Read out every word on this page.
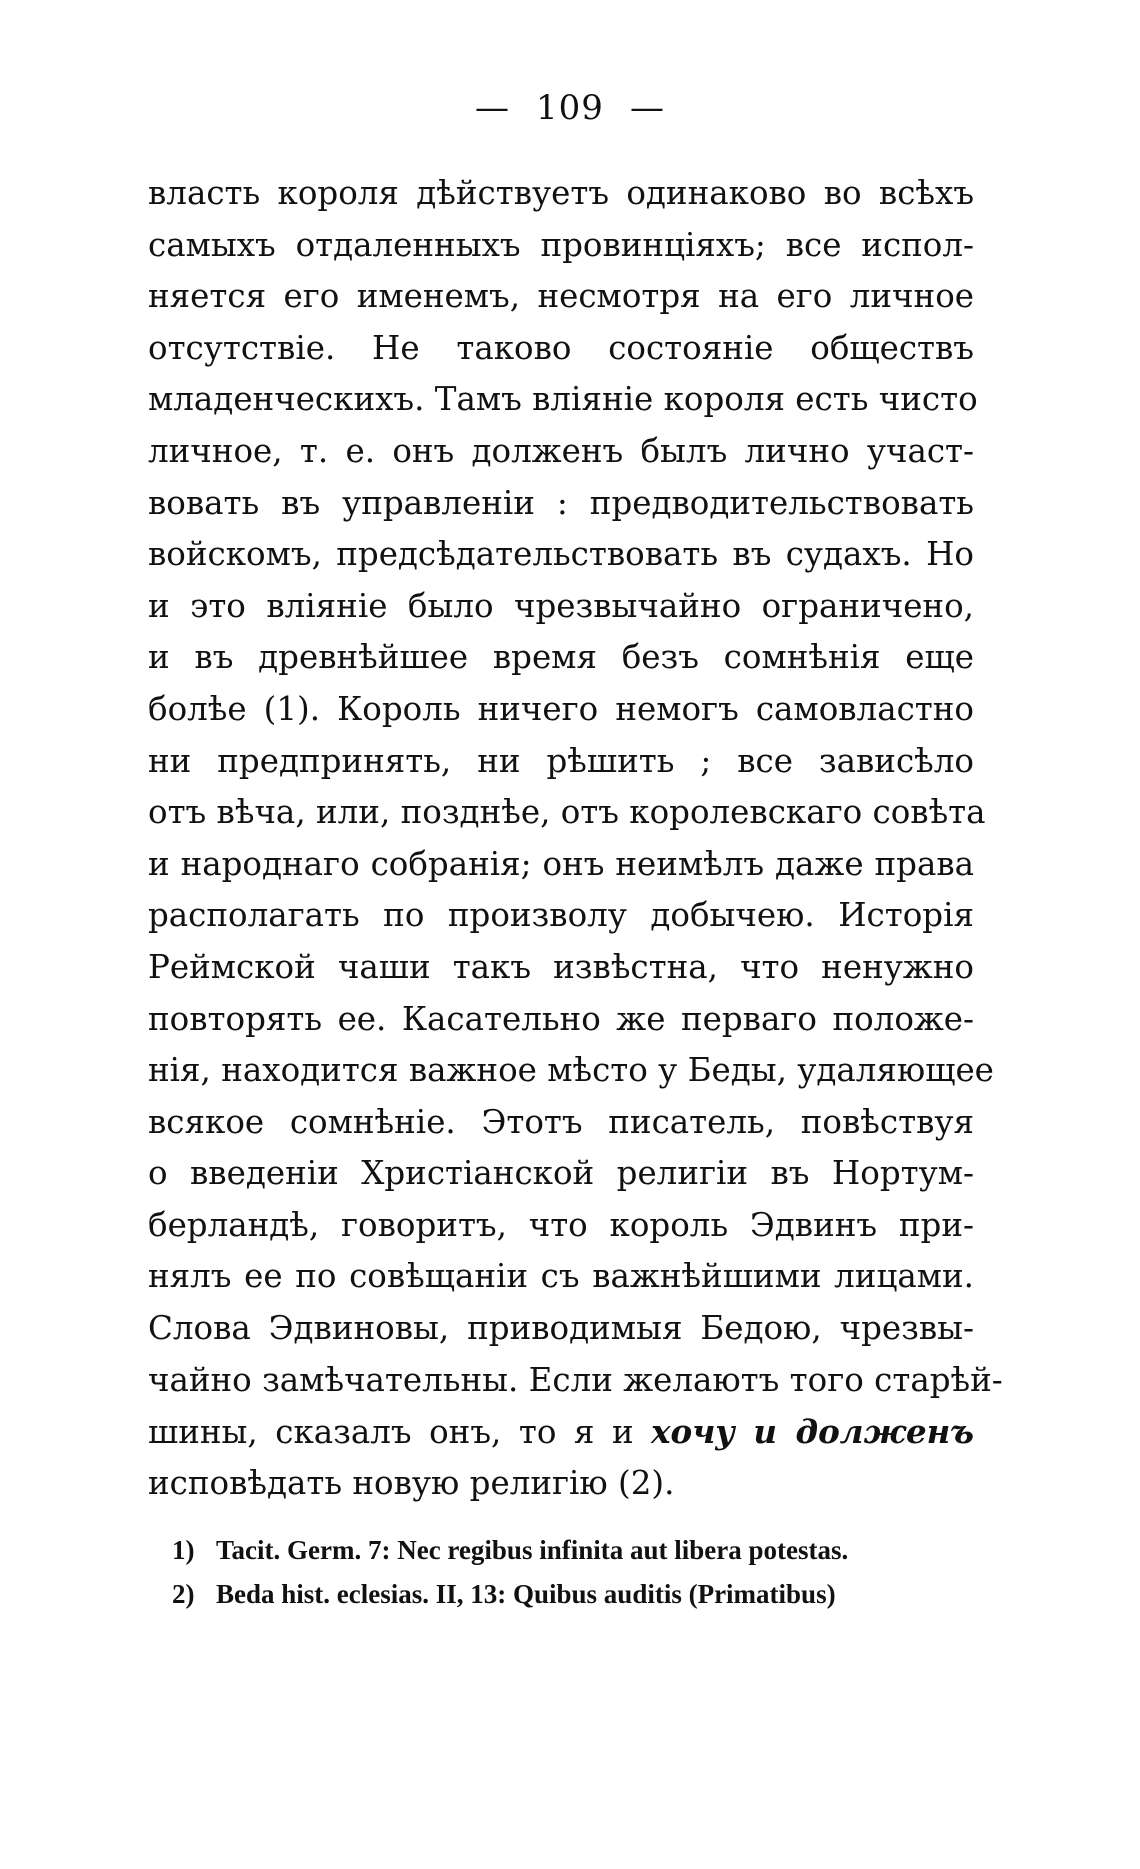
— 109 —
власть короля дѣйствуетъ одинаково во всѣхъ
самыхъ отдаленныхъ провинціяхъ; все испол-
няется его именемъ, несмотря на его личное
отсутствіе. Не таково состояніе обществъ
младенческихъ. Тамъ вліяніе короля есть чисто
личное, т. е. онъ долженъ былъ лично участ-
вовать въ управленіи : предводительствовать
войскомъ, предсѣдательствовать въ судахъ. Но
и это вліяніе было чрезвычайно ограничено,
и въ древнѣйшее время безъ сомнѣнія еще
болѣе (1). Король ничего немогъ самовластно
ни предпринять, ни рѣшить ; все зависѣло
отъ вѣча, или, позднѣе, отъ королевскаго совѣта
и народнаго собранія; онъ неимѣлъ даже права
располагать по произволу добычею. Исторія
Реймской чаши такъ извѣстна, что ненужно
повторять ее. Касательно же перваго положе-
нія, находится важное мѣсто у Беды, удаляющее
всякое сомнѣніе. Этотъ писатель, повѣствуя
о введеніи Христіанской религіи въ Нортум-
берландѣ, говоритъ, что король Эдвинъ при-
нялъ ее по совѣщаніи съ важнѣйшими лицами.
Слова Эдвиновы, приводимыя Бедою, чрезвы-
чайно замѣчательны. Если желаютъ того старѣй-
шины, сказалъ онъ, то я и хочу и долженъ
исповѣдать новую религію (2).
1) Tacit. Germ. 7: Nec regibus infinita aut libera potestas.
2) Beda hist. eclesias. II, 13: Quibus auditis (Primatibus)
